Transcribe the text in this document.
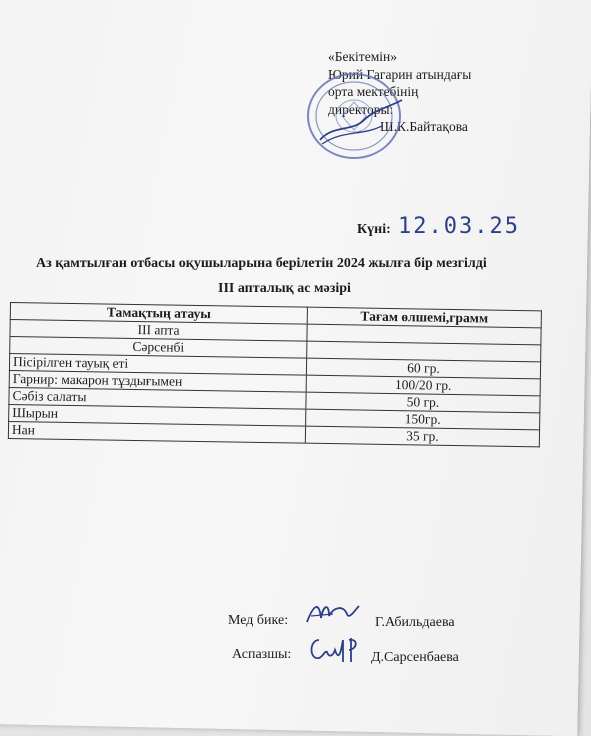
«Бекітемін»
Юрий Гагарин атындағы
орта мектебінің
директоры:
Ш.К.Байтақова
Күні: 12.03.25
Аз қамтылған отбасы оқушыларына берілетін 2024 жылға бір мезгілді
III апталық ас мәзірі
Тамақтың атауы	Тағам өлшемі,грамм
III апта	
Сәрсенбі	
Пісірілген тауық еті	60 гр.
Гарнир: макарон тұздығымен	100/20 гр.
Сәбіз салаты	50 гр.
Шырын	150гр.
Нан	35 гр.
Мед бике:	Г.Абильдаева
Аспазшы:	Д.Сарсенбаева
